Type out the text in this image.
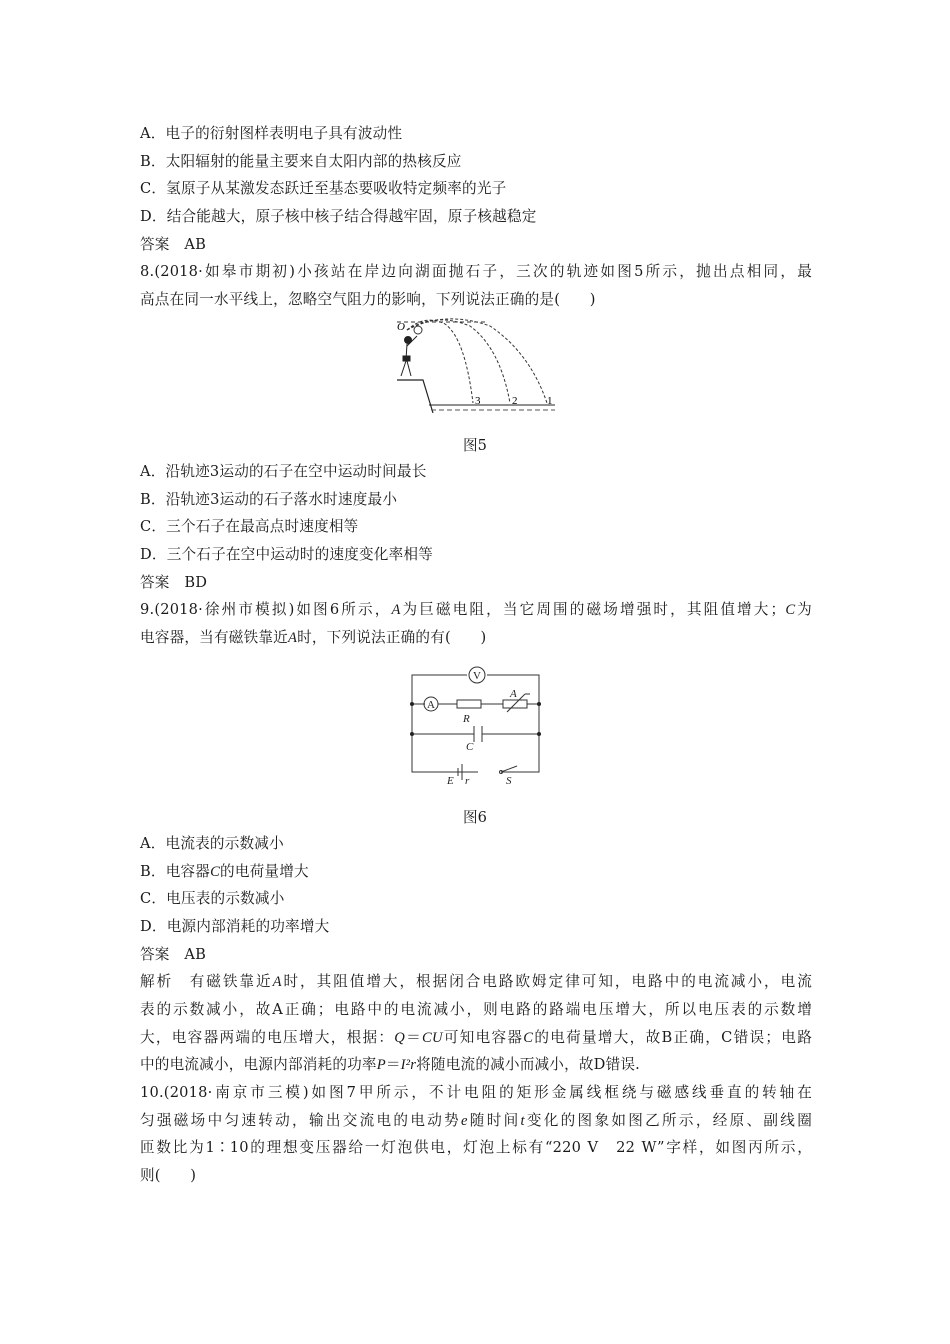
A．电子的衍射图样表明电子具有波动性
B．太阳辐射的能量主要来自太阳内部的热核反应
C．氢原子从某激发态跃迁至基态要吸收特定频率的光子
D．结合能越大，原子核中核子结合得越牢固，原子核越稳定
答案　AB
8.(2018·如皋市期初)小孩站在岸边向湖面抛石子，三次的轨迹如图5所示，抛出点相同，最
高点在同一水平线上，忽略空气阻力的影响，下列说法正确的是(　　)
A．沿轨迹3运动的石子在空中运动时间最长
B．沿轨迹3运动的石子落水时速度最小
C．三个石子在最高点时速度相等
D．三个石子在空中运动时的速度变化率相等
答案　BD
9.(2018·徐州市模拟)如图6所示，A为巨磁电阻，当它周围的磁场增强时，其阻值增大；C为
电容器，当有磁铁靠近A时，下列说法正确的有(　　)
A．电流表的示数减小
B．电容器C的电荷量增大
C．电压表的示数减小
D．电源内部消耗的功率增大
答案　AB
解析　有磁铁靠近A时，其阻值增大，根据闭合电路欧姆定律可知，电路中的电流减小，电流
表的示数减小，故A正确；电路中的电流减小，则电路的路端电压增大，所以电压表的示数增
大，电容器两端的电压增大，根据：Q＝CU可知电容器C的电荷量增大，故B正确，C错误；电路
中的电流减小，电源内部消耗的功率P＝I²r将随电流的减小而减小，故D错误.
10.(2018·南京市三模)如图7甲所示，不计电阻的矩形金属线框绕与磁感线垂直的转轴在
匀强磁场中匀速转动，输出交流电的电动势e随时间t变化的图象如图乙所示，经原、副线圈
匝数比为1∶10的理想变压器给一灯泡供电，灯泡上标有“220 V　22 W”字样，如图丙所示，
则(　　)
O
3	2	1
图5
V
A
R
A
C
E r	S
图6
